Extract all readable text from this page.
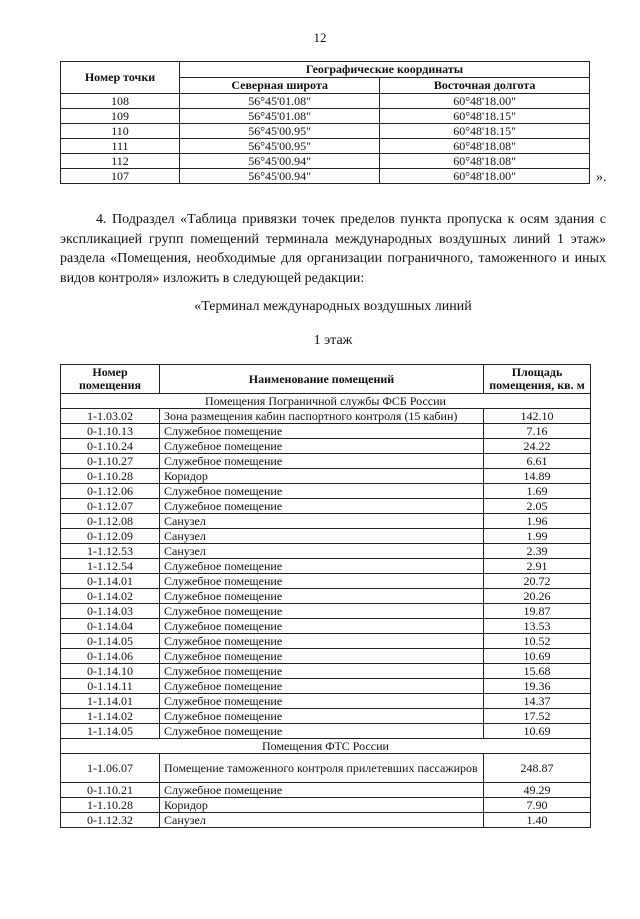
12
Номер точки	Географические координаты	
	Северная широта	Восточная долгота
108	56°45'01.08"	60°48'18.00"
109	56°45'01.08"	60°48'18.15"
110	56°45'00.95"	60°48'18.15"
111	56°45'00.95"	60°48'18.08"
112	56°45'00.94"	60°48'18.08"
107	56°45'00.94"	60°48'18.00"	».

4. Подраздел «Таблица привязки точек пределов пункта пропуска к осям здания с экспликацией групп помещений терминала международных воздушных линий 1 этаж» раздела «Помещения, необходимые для организации пограничного, таможенного и иных видов контроля» изложить в следующей редакции:

«Терминал международных воздушных линий
1 этаж
Номер помещения	Наименование помещений	Площадь помещения, кв. м
Помещения Пограничной службы ФСБ России		
1-1.03.02	Зона размещения кабин паспортного контроля (15 кабин)	142.10
0-1.10.13	Служебное помещение	7.16
0-1.10.24	Служебное помещение	24.22
0-1.10.27	Служебное помещение	6.61
0-1.10.28	Коридор	14.89
0-1.12.06	Служебное помещение	1.69
0-1.12.07	Служебное помещение	2.05
0-1.12.08	Санузел	1.96
0-1.12.09	Санузел	1.99
1-1.12.53	Санузел	2.39
1-1.12.54	Служебное помещение	2.91
0-1.14.01	Служебное помещение	20.72
0-1.14.02	Служебное помещение	20.26
0-1.14.03	Служебное помещение	19.87
0-1.14.04	Служебное помещение	13.53
0-1.14.05	Служебное помещение	10.52
0-1.14.06	Служебное помещение	10.69
0-1.14.10	Служебное помещение	15.68
0-1.14.11	Служебное помещение	19.36
1-1.14.01	Служебное помещение	14.37
1-1.14.02	Служебное помещение	17.52
1-1.14.05	Служебное помещение	10.69
Помещения ФТС России		
1-1.06.07	Помещение таможенного контроля прилетевших пассажиров	248.87
0-1.10.21	Служебное помещение	49.29
1-1.10.28	Коридор	7.90
0-1.12.32	Санузел	1.40
